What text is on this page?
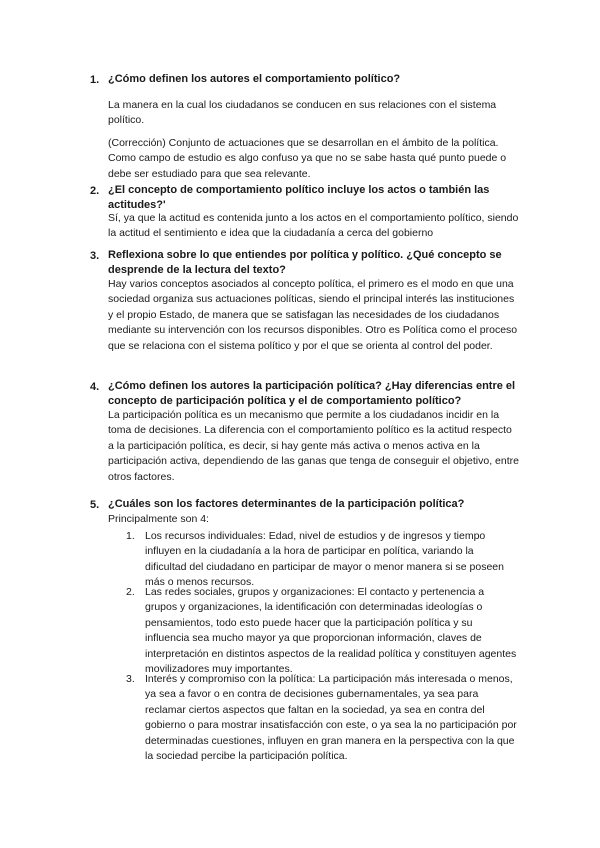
1. ¿Cómo definen los autores el comportamiento político?

La manera en la cual los ciudadanos se conducen en sus relaciones con el sistema político.

(Corrección) Conjunto de actuaciones que se desarrollan en el ámbito de la política. Como campo de estudio es algo confuso ya que no se sabe hasta qué punto puede o debe ser estudiado para que sea relevante.

2. ¿El concepto de comportamiento político incluye los actos o también las actitudes?'

Sí, ya que la actitud es contenida junto a los actos en el comportamiento político, siendo la actitud el sentimiento e idea que la ciudadanía a cerca del gobierno

3. Reflexiona sobre lo que entiendes por política y político. ¿Qué concepto se desprende de la lectura del texto?

Hay varios conceptos asociados al concepto política, el primero es el modo en que una sociedad organiza sus actuaciones políticas, siendo el principal interés las instituciones y el propio Estado, de manera que se satisfagan las necesidades de los ciudadanos mediante su intervención con los recursos disponibles. Otro es Política como el proceso que se relaciona con el sistema político y por el que se orienta al control del poder.

4. ¿Cómo definen los autores la participación política? ¿Hay diferencias entre el concepto de participación política y el de comportamiento político?

La participación política es un mecanismo que permite a los ciudadanos incidir en la toma de decisiones. La diferencia con el comportamiento político es la actitud respecto a la participación política, es decir, si hay gente más activa o menos activa en la participación activa, dependiendo de las ganas que tenga de conseguir el objetivo, entre otros factores.

5. ¿Cuáles son los factores determinantes de la participación política?

Principalmente son 4:

1. Los recursos individuales: Edad, nivel de estudios y de ingresos y tiempo influyen en la ciudadanía a la hora de participar en política, variando la dificultad del ciudadano en participar de mayor o menor manera si se poseen más o menos recursos.

2. Las redes sociales, grupos y organizaciones: El contacto y pertenencia a grupos y organizaciones, la identificación con determinadas ideologías o pensamientos, todo esto puede hacer que la participación política y su influencia sea mucho mayor ya que proporcionan información, claves de interpretación en distintos aspectos de la realidad política y constituyen agentes movilizadores muy importantes.

3. Interés y compromiso con la política: La participación más interesada o menos, ya sea a favor o en contra de decisiones gubernamentales, ya sea para reclamar ciertos aspectos que faltan en la sociedad, ya sea en contra del gobierno o para mostrar insatisfacción con este, o ya sea la no participación por determinadas cuestiones, influyen en gran manera en la perspectiva con la que la sociedad percibe la participación política.
